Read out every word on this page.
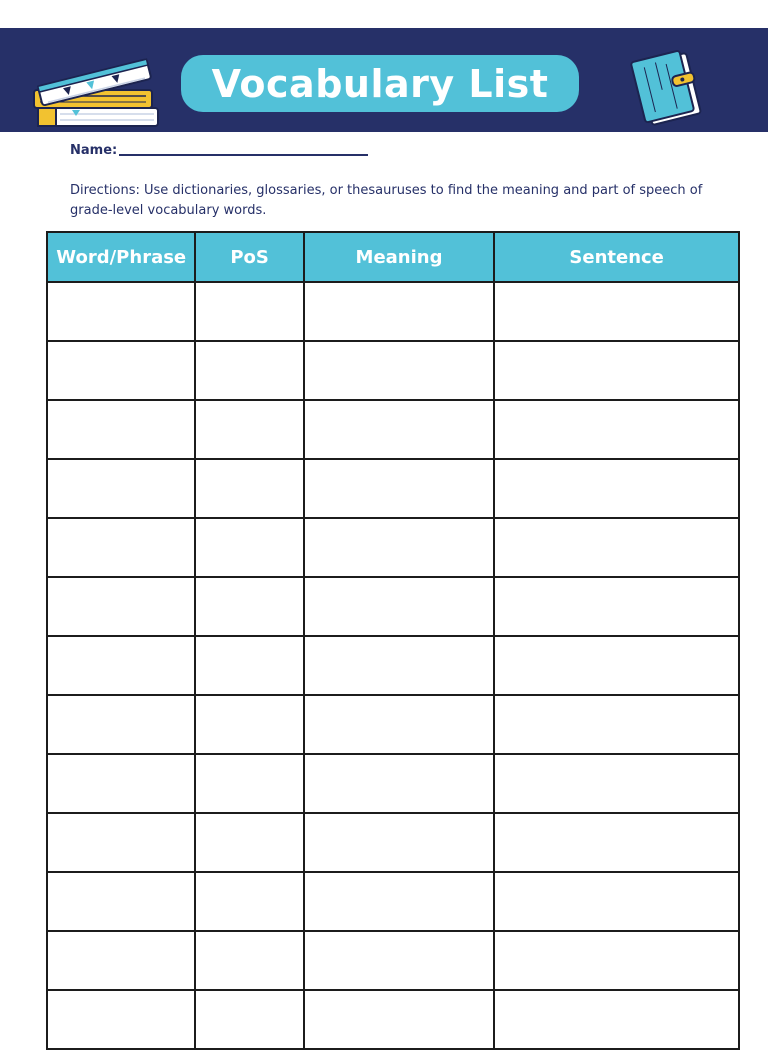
Vocabulary List
Name:
Directions: Use dictionaries, glossaries, or thesauruses to find the meaning and part of speech of grade-level vocabulary words.
Word/Phrase	PoS	Meaning	Sentence
